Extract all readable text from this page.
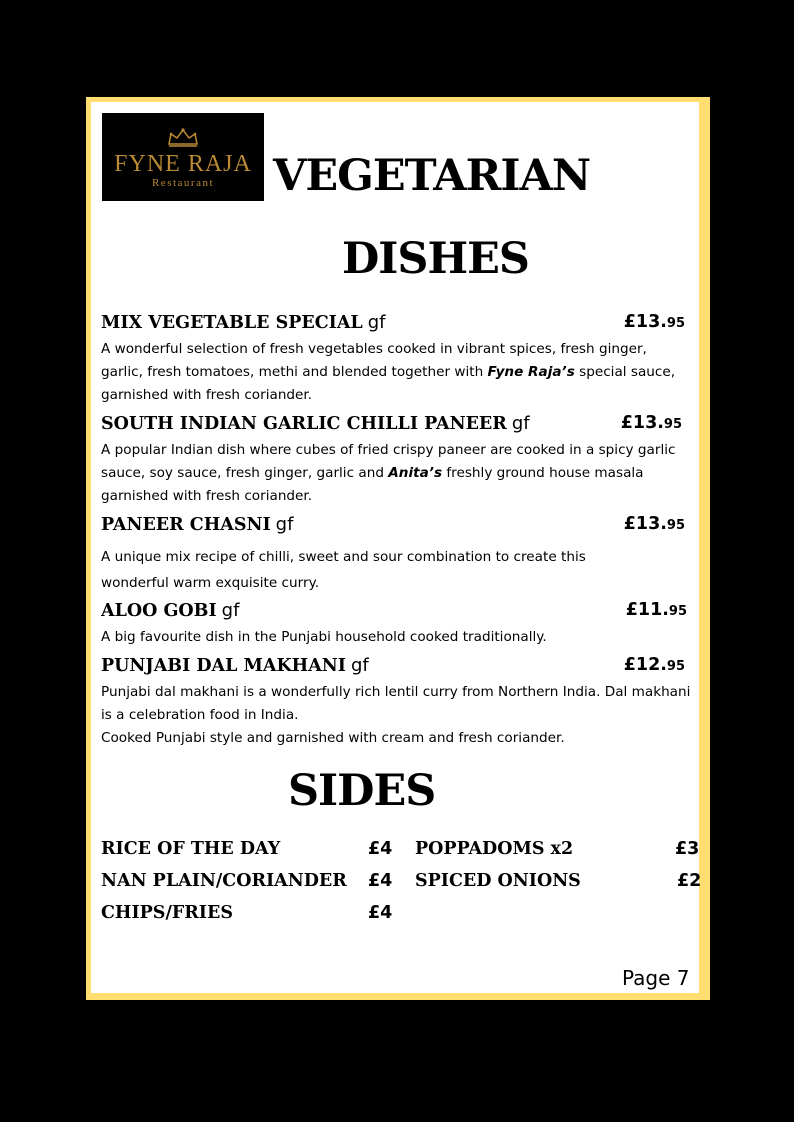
FYNE RAJA
Restaurant	VEGETARIAN
DISHES
MIX VEGETABLE SPECIAL gf	£13.95

A wonderful selection of fresh vegetables cooked in vibrant spices, fresh ginger, garlic, fresh tomatoes, methi and blended together with Fyne Raja’s special sauce, garnished with fresh coriander.

SOUTH INDIAN GARLIC CHILLI PANEER gf	£13.95

A popular Indian dish where cubes of fried crispy paneer are cooked in a spicy garlic sauce, soy sauce, fresh ginger, garlic and Anita’s freshly ground house masala garnished with fresh coriander.

PANEER CHASNI gf	£13.95

A unique mix recipe of chilli, sweet and sour combination to create this wonderful warm exquisite curry.

ALOO GOBI gf	£11.95

A big favourite dish in the Punjabi household cooked traditionally.

PUNJABI DAL MAKHANI gf	£12.95

Punjabi dal makhani is a wonderfully rich lentil curry from Northern India. Dal makhani is a celebration food in India.

Cooked Punjabi style and garnished with cream and fresh coriander.

SIDES
RICE OF THE DAY	£4
NAN PLAIN/CORIANDER £4
CHIPS/FRIES	£4
POPPADOMS x2	£3
SPICED ONIONS	£2
Page 7
